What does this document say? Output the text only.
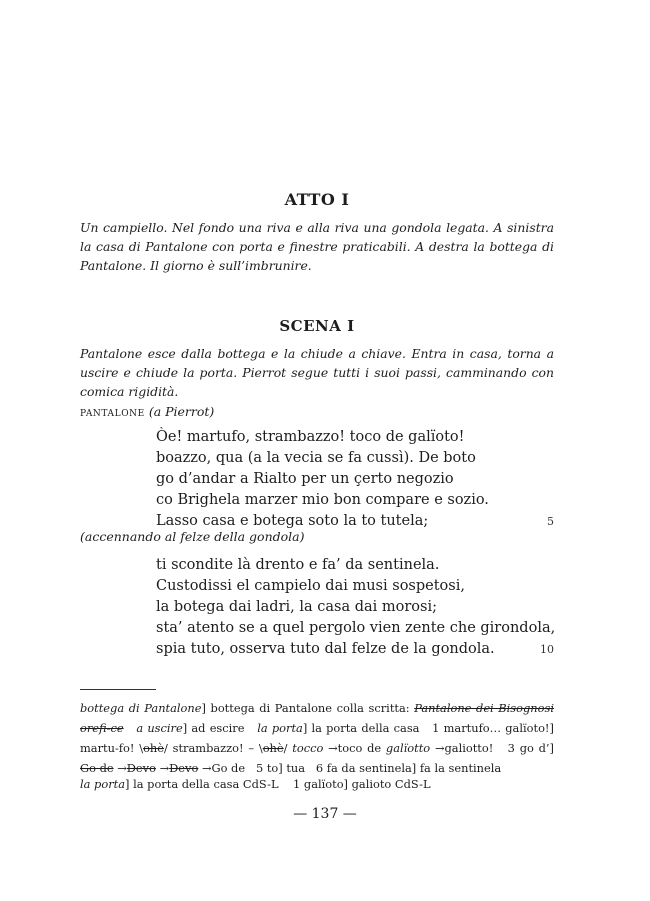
ATTO I
Un campiello. Nel fondo una riva e alla riva una gondola legata. A sinistra la casa di Pantalone con porta e finestre praticabili. A destra la bottega di Pantalone. Il giorno è sull’imbrunire.
SCENA I
Pantalone esce dalla bottega e la chiude a chiave. Entra in casa, torna a uscire e chiude la porta. Pierrot segue tutti i suoi passi, camminando con comica rigidità.
pantalone (a Pierrot)
Òe! martufo, strambazzo! toco de galïoto!
boazzo, qua (a la vecia se fa cussì). De boto
go d’andar a Rialto per un çerto negozio
co Brighela marzer mio bon compare e sozio.
Lasso casa e botega soto la to tutela;	5
(accennando al felze della gondola)
ti scondite là drento e fa’ da sentinela.
Custodissi el campielo dai musi sospetosi,
la botega dai ladri, la casa dai morosi;
sta’ atento se a quel pergolo vien zente che girondola,
spia tuto, osserva tuto dal felze de la gondola.	10
bottega di Pantalone] bottega di Pantalone colla scritta: Pantalone dei Bisognosi orefi-ce a uscire] ad escire la porta] la porta della casa 1 martufo… galïoto!] martu-fo! \ohè/ strambazzo! – \ohè/ tocco →toco de galïotto →galiotto! 3 go d’] Go de →Devo →Devo →Go de 5 to] tua 6 fa da sentinela] fa la sentinela
la porta] la porta della casa CdS-L 1 galïoto] galioto CdS-L
— 137 —
